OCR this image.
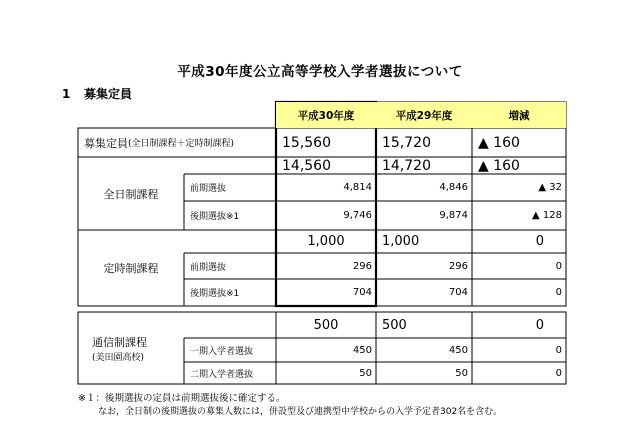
平成30年度公立高等学校入学者選抜について
1 募集定員
平成30年度	平成29年度	増減
募集定員 (全日制課程＋定時制課程)	15,560	15,720	▲ 160
全日制課程
14,560	14,720	▲ 160
前期選抜	4,814	4,846	▲ 32
後期選抜※1	9,746	9,874	▲ 128
定時制課程
1,000	1,000	0
前期選抜	296	296	0
後期選抜※1	704	704	0
通信制課程
(美田園高校)
500	500	0
一期入学者選抜	450	450	0
二期入学者選抜	50	50	0
※１：後期選抜の定員は前期選抜後に確定する。
なお，全日制の後期選抜の募集人数には，併設型及び連携型中学校からの入学予定者302名を含む。
